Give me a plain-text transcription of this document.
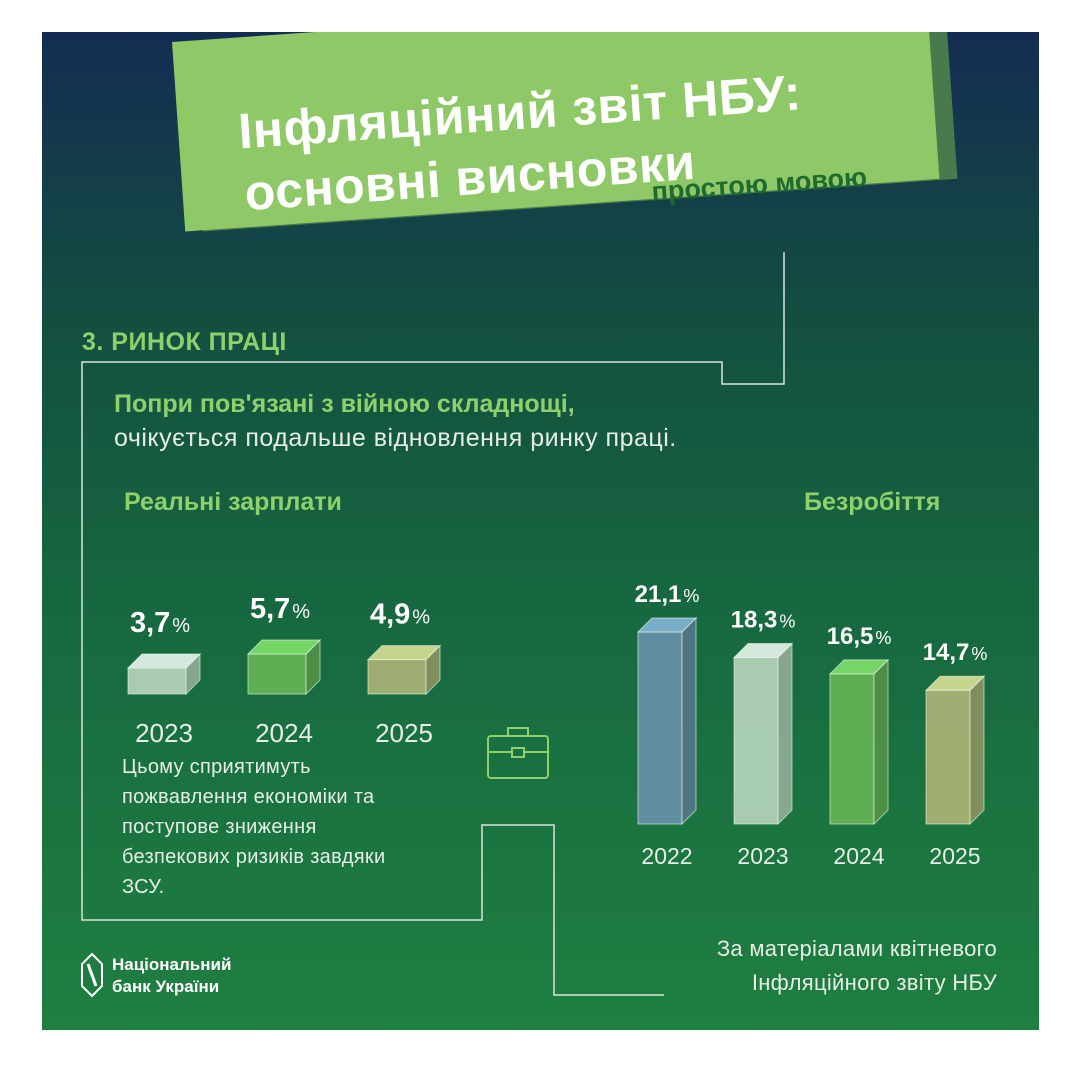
Інфляційний звіт НБУ:
основні висновки
простою мовою
3. РИНОК ПРАЦІ
Попри пов'язані з війною складнощі,
очікується подальше відновлення ринку праці.
Реальні зарплати
3,7 %
2023
5,7 %
2024
4,9 %
2025
Безробіття
21,1 %
2022
18,3 %
2023
16,5 %
2024
14,7 %
2025
Цьому сприятимуть пожвавлення економіки та поступове зниження безпекових ризиків завдяки ЗСУ.
За матеріалами квітневого
Інфляційного звіту НБУ
Національний
банк України
